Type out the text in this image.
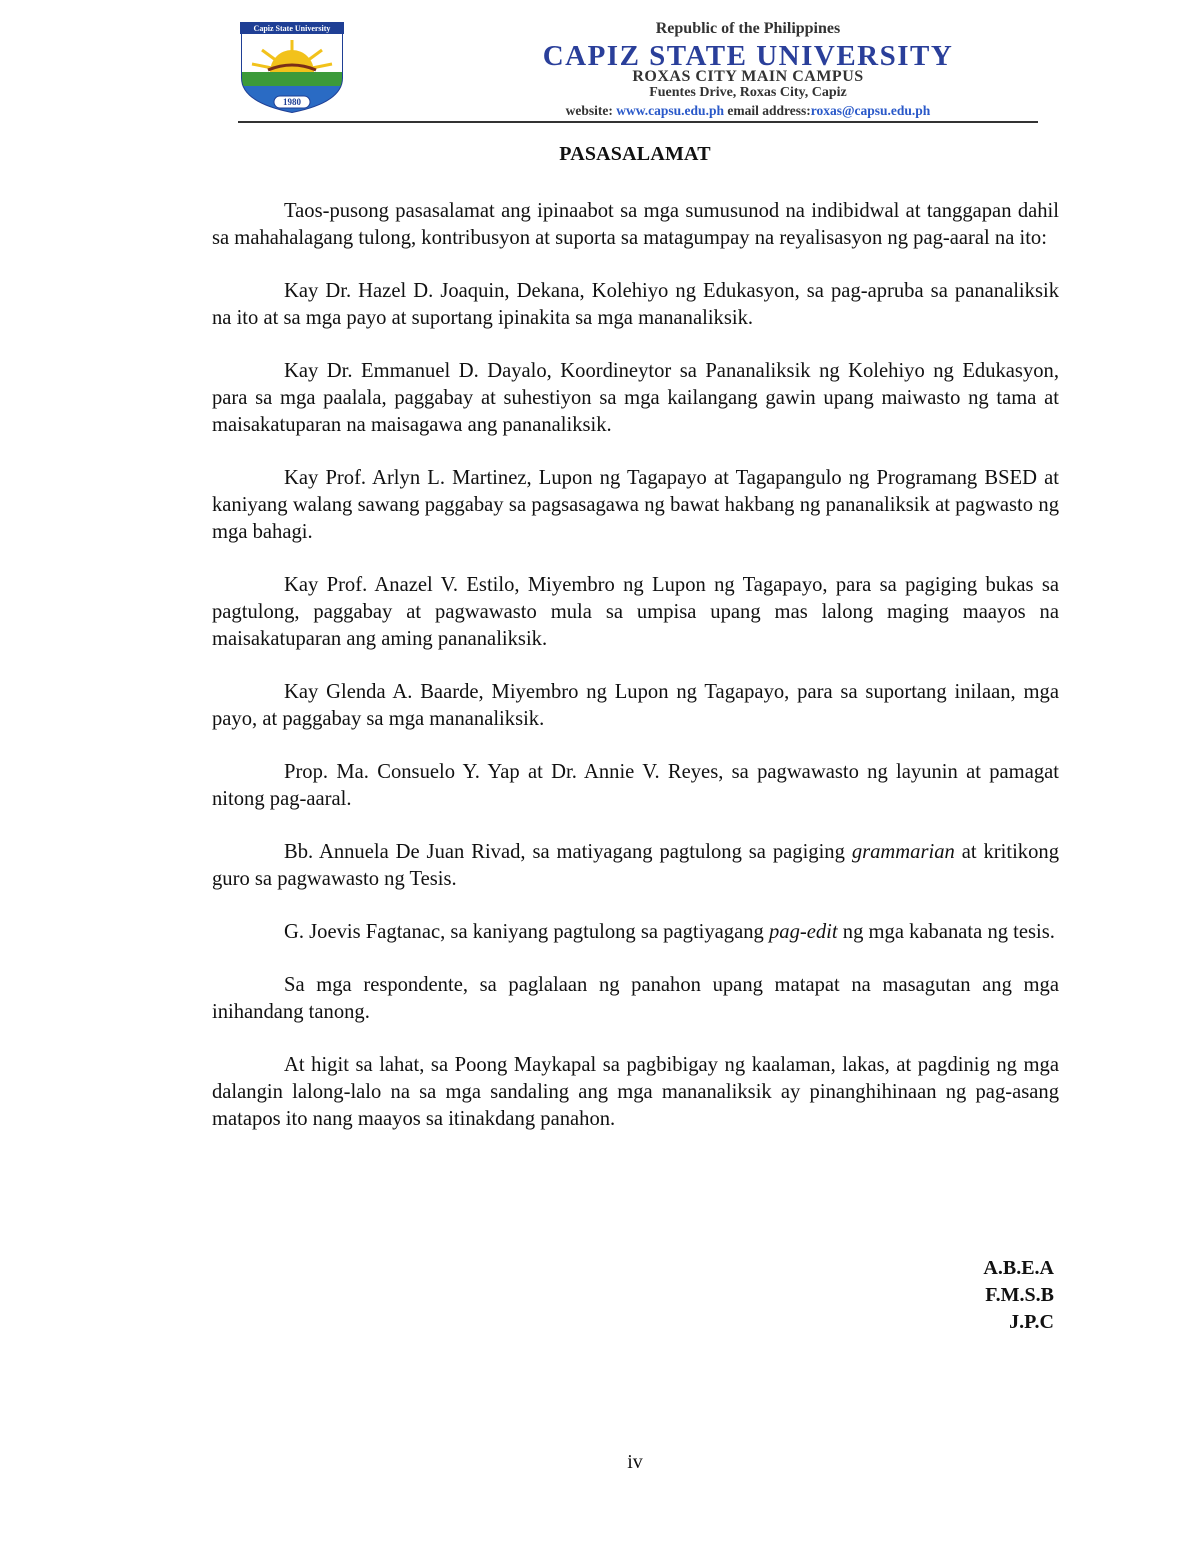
Capiz State University
1980
Republic of the Philippines
CAPIZ STATE UNIVERSITY
ROXAS CITY MAIN CAMPUS
Fuentes Drive, Roxas City, Capiz
website: www.capsu.edu.ph email address:roxas@capsu.edu.ph
PASASALAMAT

Taos-pusong pasasalamat ang ipinaabot sa mga sumusunod na indibidwal at tanggapan dahil sa mahahalagang tulong, kontribusyon at suporta sa matagumpay na reyalisasyon ng pag-aaral na ito:

Kay Dr. Hazel D. Joaquin, Dekana, Kolehiyo ng Edukasyon, sa pag-apruba sa pananaliksik na ito at sa mga payo at suportang ipinakita sa mga mananaliksik.

Kay Dr. Emmanuel D. Dayalo, Koordineytor sa Pananaliksik ng Kolehiyo ng Edukasyon, para sa mga paalala, paggabay at suhestiyon sa mga kailangang gawin upang maiwasto ng tama at maisakatuparan na maisagawa ang pananaliksik.

Kay Prof. Arlyn L. Martinez, Lupon ng Tagapayo at Tagapangulo ng Programang BSED at kaniyang walang sawang paggabay sa pagsasagawa ng bawat hakbang ng pananaliksik at pagwasto ng mga bahagi.

Kay Prof. Anazel V. Estilo, Miyembro ng Lupon ng Tagapayo, para sa pagiging bukas sa pagtulong, paggabay at pagwawasto mula sa umpisa upang mas lalong maging maayos na maisakatuparan ang aming pananaliksik.

Kay Glenda A. Baarde, Miyembro ng Lupon ng Tagapayo, para sa suportang inilaan, mga payo, at paggabay sa mga mananaliksik.

Prop. Ma. Consuelo Y. Yap at Dr. Annie V. Reyes, sa pagwawasto ng layunin at pamagat nitong pag-aaral.

Bb. Annuela De Juan Rivad, sa matiyagang pagtulong sa pagiging grammarian at kritikong guro sa pagwawasto ng Tesis.

G. Joevis Fagtanac, sa kaniyang pagtulong sa pagtiyagang pag-edit ng mga kabanata ng tesis.

Sa mga respondente, sa paglalaan ng panahon upang matapat na masagutan ang mga inihandang tanong.

At higit sa lahat, sa Poong Maykapal sa pagbibigay ng kaalaman, lakas, at pagdinig ng mga dalangin lalong-lalo na sa mga sandaling ang mga mananaliksik ay pinanghihinaan ng pag-asang matapos ito nang maayos sa itinakdang panahon.

A.B.E.A
F.M.S.B
J.P.C
iv
